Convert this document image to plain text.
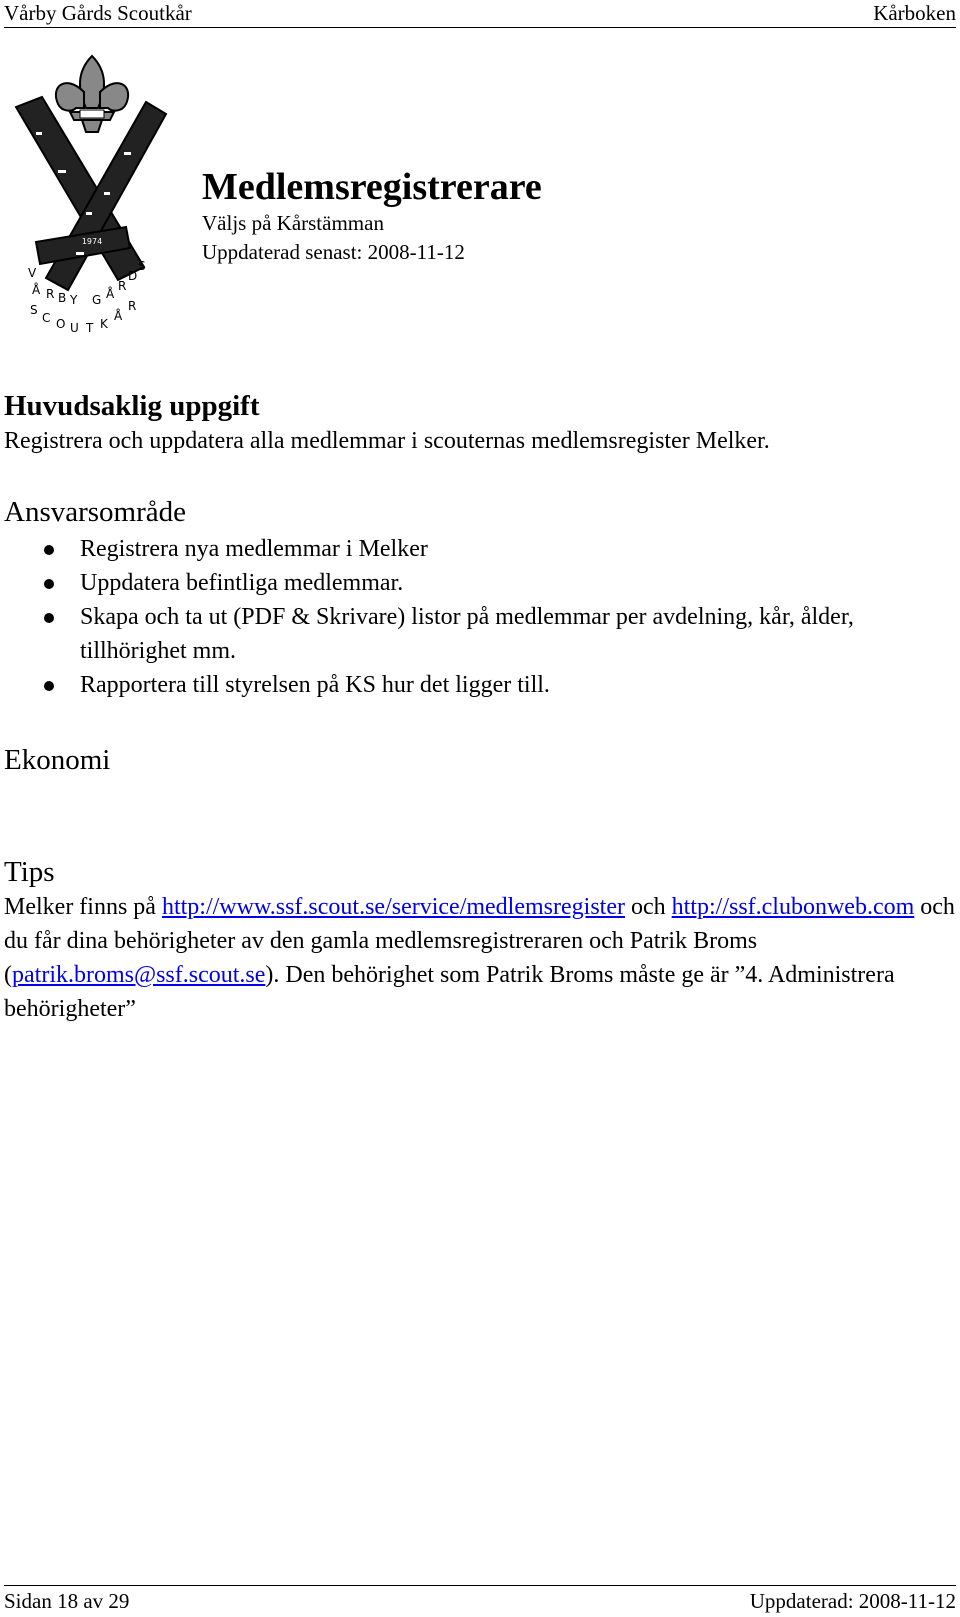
Vårby Gårds Scoutkår	Kårboken
1974
V
Å R B Y G Å
R
D
S
S
C O U T K
Å
R
Medlemsregistrerare
Väljs på Kårstämman
Uppdaterad senast: 2008-11-12
Huvudsaklig uppgift

Registrera och uppdatera alla medlemmar i scouternas medlemsregister Melker.

Ansvarsområde
Registrera nya medlemmar i Melker
Uppdatera befintliga medlemmar.
Skapa och ta ut (PDF & Skrivare) listor på medlemmar per avdelning, kår, ålder, tillhörighet mm.
Rapportera till styrelsen på KS hur det ligger till.
Ekonomi
Tips

Melker finns på http://www.ssf.scout.se/service/medlemsregister och http://ssf.clubonweb.com och du får dina behörigheter av den gamla medlemsregistreraren och Patrik Broms (patrik.broms@ssf.scout.se). Den behörighet som Patrik Broms måste ge är ”4. Administrera behörigheter”

Sidan 18 av 29	Uppdaterad: 2008-11-12
